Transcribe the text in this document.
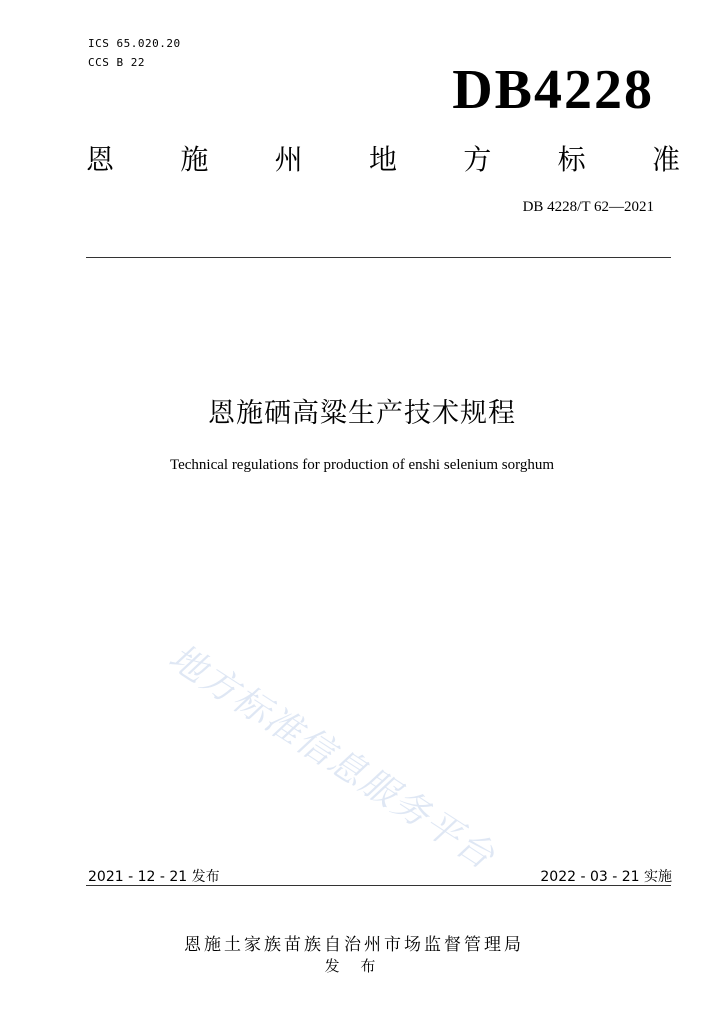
ICS 65.020.20
CCS B 22	DB4228
恩 施 州 地 方 标 准
DB 4228/T 62—2021
恩施硒高粱生产技术规程
Technical regulations for production of enshi selenium sorghum
地方标准信息服务平台
2021 - 12 - 21 发布	2022 - 03 - 21 实施
恩施土家族苗族自治州市场监督管理局
发 布
